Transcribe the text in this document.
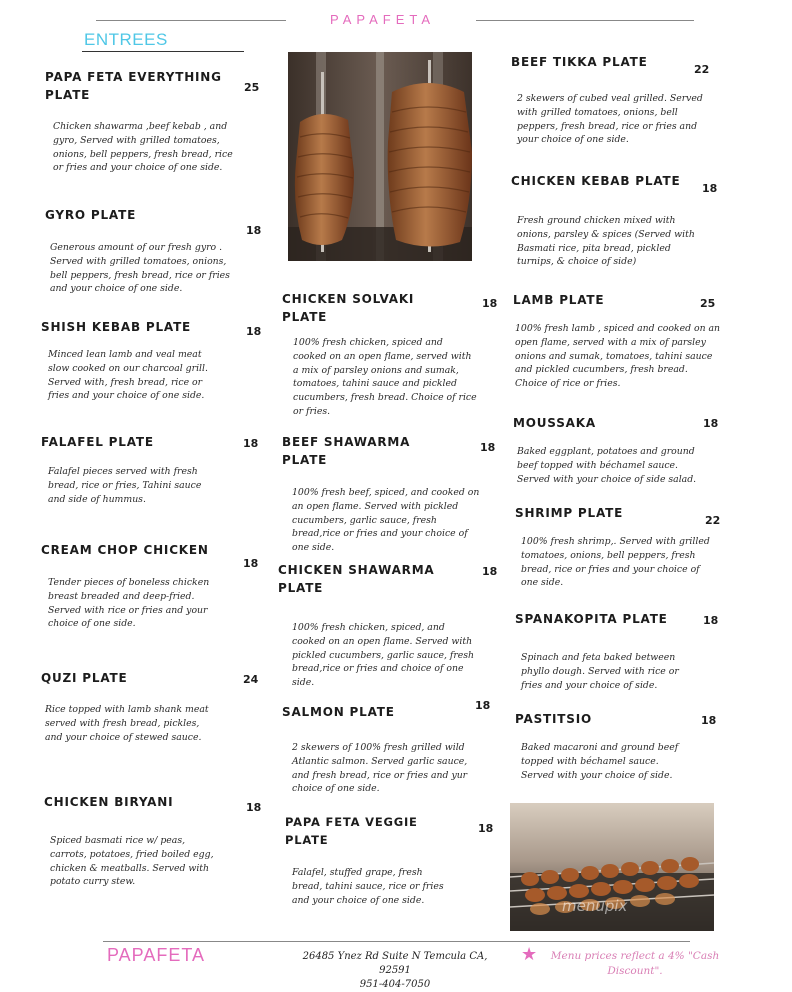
PAPAFETA
ENTREES
PAPA FETA EVERYTHING
PLATE
25
Chicken shawarma ,beef kebab , and gyro, Served with grilled tomatoes, onions, bell peppers, fresh bread, rice or fries and your choice of one side.
GYRO PLATE
18
Generous amount of our fresh gyro . Served with grilled tomatoes, onions, bell peppers, fresh bread, rice or fries and your choice of one side.
SHISH KEBAB PLATE	18
Minced lean lamb and veal meat slow cooked on our charcoal grill. Served with, fresh bread, rice or fries and your choice of one side.
FALAFEL PLATE	18
Falafel pieces served with fresh bread, rice or fries, Tahini sauce and side of hummus.
CREAM CHOP CHICKEN
18
Tender pieces of boneless chicken breast breaded and deep-fried. Served with rice or fries and your choice of one side.
QUZI PLATE	24
Rice topped with lamb shank meat served with fresh bread, pickles, and your choice of stewed sauce.
CHICKEN BIRYANI	18
Spiced basmati rice w/ peas, carrots, potatoes, fried boiled egg, chicken & meatballs. Served with potato curry stew.
CHICKEN SOLVAKI
PLATE
18
100% fresh chicken, spiced and cooked on an open flame, served with a mix of parsley onions and sumak, tomatoes, tahini sauce and pickled cucumbers, fresh bread. Choice of rice or fries.
BEEF SHAWARMA
PLATE
18
100% fresh beef, spiced, and cooked on an open flame. Served with pickled cucumbers, garlic sauce, fresh bread,rice or fries and your choice of one side.
CHICKEN SHAWARMA
PLATE
18
100% fresh chicken, spiced, and cooked on an open flame. Served with pickled cucumbers, garlic sauce, fresh bread,rice or fries and choice of one side.
SALMON PLATE	18
2 skewers of 100% fresh grilled wild Atlantic salmon. Served garlic sauce, and fresh bread, rice or fries and yur choice of one side.
PAPA FETA VEGGIE
PLATE
18
Falafel, stuffed grape, fresh bread, tahini sauce, rice or fries and your choice of one side.
BEEF TIKKA PLATE
22
2 skewers of cubed veal grilled. Served with grilled tomatoes, onions, bell peppers, fresh bread, rice or fries and your choice of one side.
CHICKEN KEBAB PLATE
18
Fresh ground chicken mixed with onions, parsley & spices (Served with Basmati rice, pita bread, pickled turnips, & choice of side)
LAMB PLATE	25
100% fresh lamb , spiced and cooked on an open flame, served with a mix of parsley onions and sumak, tomatoes, tahini sauce and pickled cucumbers, fresh bread. Choice of rice or fries.
MOUSSAKA	18
Baked eggplant, potatoes and ground beef topped with béchamel sauce. Served with your choice of side salad.
SHRIMP PLATE
22
100% fresh shrimp,. Served with grilled tomatoes, onions, bell peppers, fresh bread, rice or fries and your choice of one side.
SPANAKOPITA PLATE	18
Spinach and feta baked between phyllo dough. Served with rice or fries and your choice of side.
PASTITSIO	18
Baked macaroni and ground beef topped with béchamel sauce. Served with your choice of side.
menupix
PAPAFETA	26485 Ynez Rd Suite N Temcula CA,
92591
951-404-7050
★	Menu prices reflect a 4% "Cash Discount".
